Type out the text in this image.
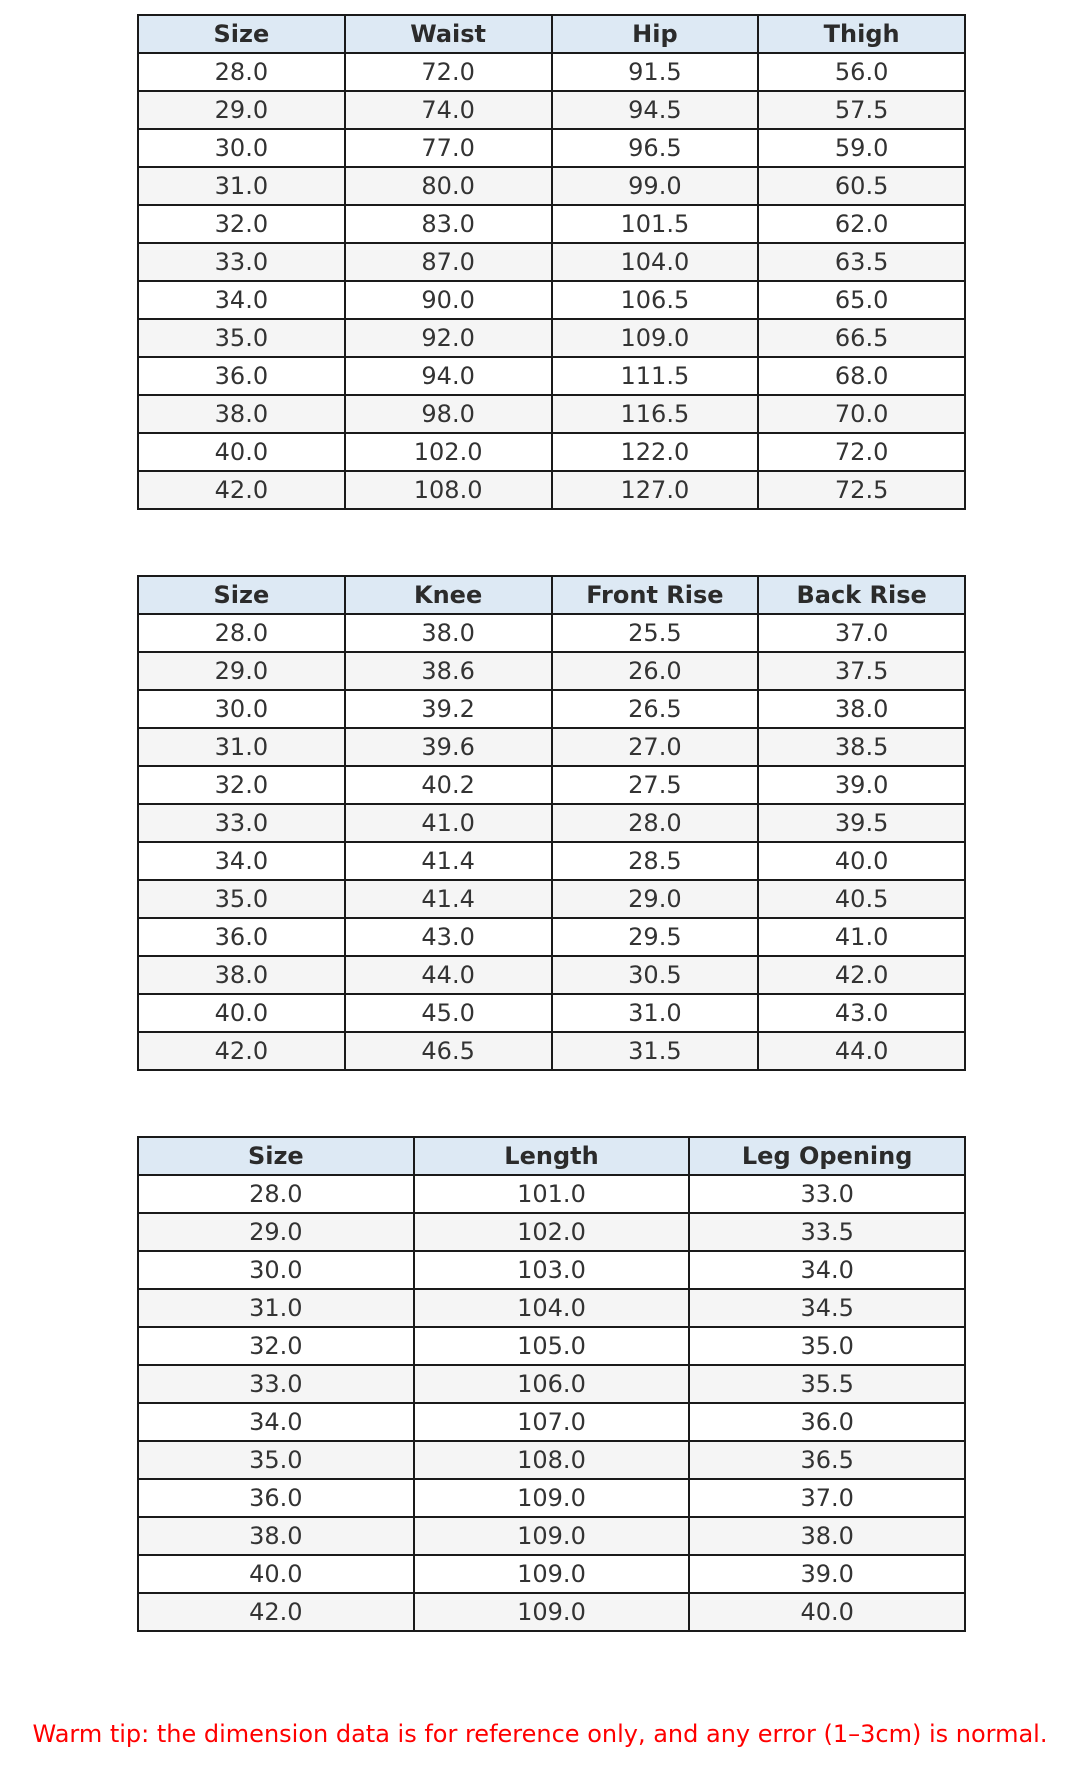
Size	Waist	Hip	Thigh
28.0	72.0	91.5	56.0
29.0	74.0	94.5	57.5
30.0	77.0	96.5	59.0
31.0	80.0	99.0	60.5
32.0	83.0	101.5	62.0
33.0	87.0	104.0	63.5
34.0	90.0	106.5	65.0
35.0	92.0	109.0	66.5
36.0	94.0	111.5	68.0
38.0	98.0	116.5	70.0
40.0	102.0	122.0	72.0
42.0	108.0	127.0	72.5
Size	Knee	Front Rise	Back Rise
28.0	38.0	25.5	37.0
29.0	38.6	26.0	37.5
30.0	39.2	26.5	38.0
31.0	39.6	27.0	38.5
32.0	40.2	27.5	39.0
33.0	41.0	28.0	39.5
34.0	41.4	28.5	40.0
35.0	41.4	29.0	40.5
36.0	43.0	29.5	41.0
38.0	44.0	30.5	42.0
40.0	45.0	31.0	43.0
42.0	46.5	31.5	44.0
Size	Length	Leg Opening
28.0	101.0	33.0
29.0	102.0	33.5
30.0	103.0	34.0
31.0	104.0	34.5
32.0	105.0	35.0
33.0	106.0	35.5
34.0	107.0	36.0
35.0	108.0	36.5
36.0	109.0	37.0
38.0	109.0	38.0
40.0	109.0	39.0
42.0	109.0	40.0
Warm tip: the dimension data is for reference only, and any error (1–3cm) is normal.
